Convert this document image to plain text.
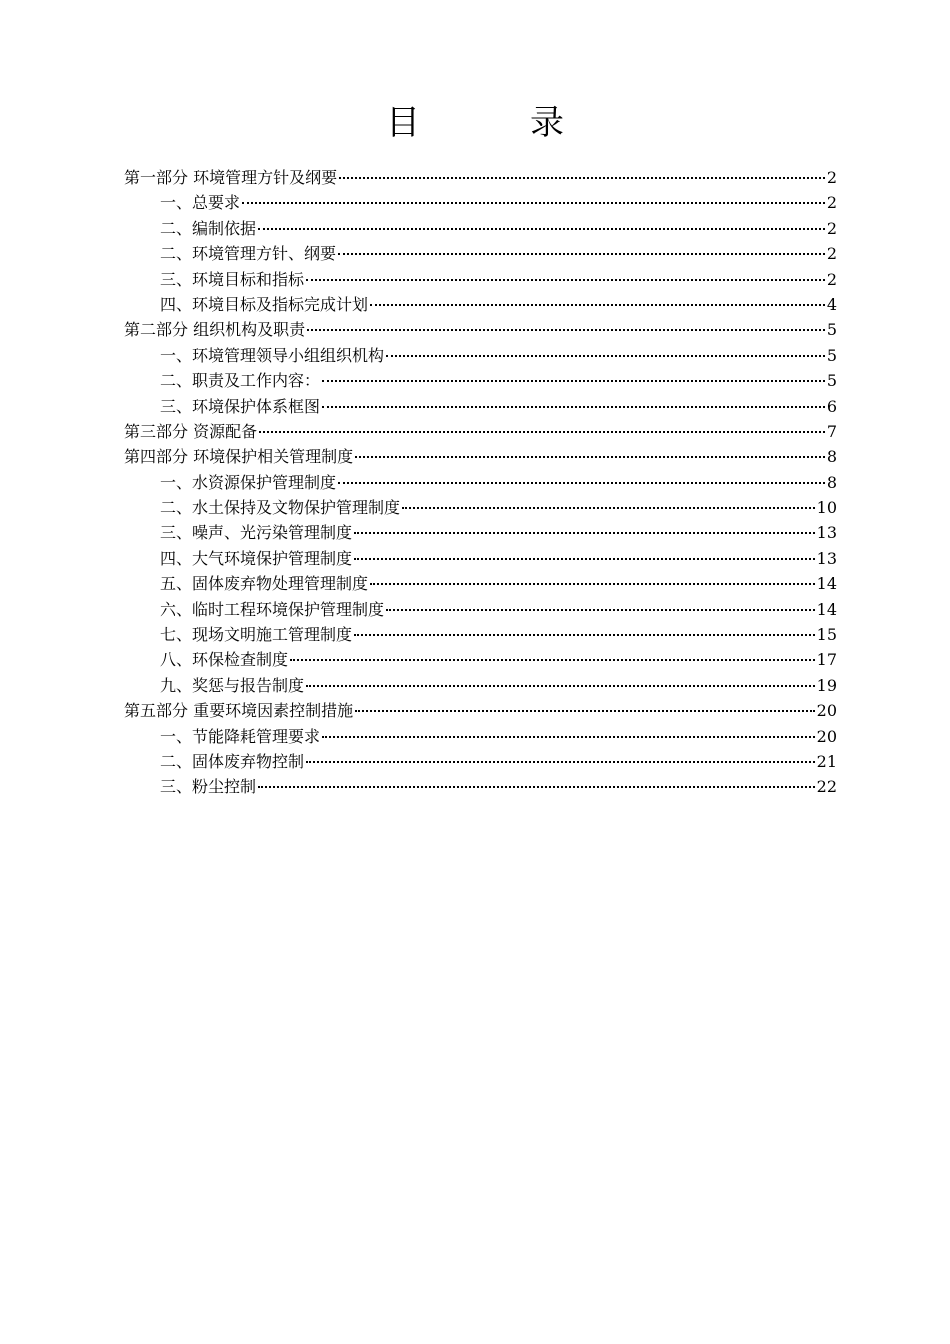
目　录
第一部分 环境管理方针及纲要	2
一、总要求	2
二、编制依据	2
二、环境管理方针、纲要	2
三、环境目标和指标	2
四、环境目标及指标完成计划	4
第二部分 组织机构及职责	5
一、环境管理领导小组组织机构	5
二、职责及工作内容：	5
三、环境保护体系框图	6
第三部分 资源配备	7
第四部分 环境保护相关管理制度	8
一、水资源保护管理制度	8
二、水土保持及文物保护管理制度	10
三、噪声、光污染管理制度	13
四、大气环境保护管理制度	13
五、固体废弃物处理管理制度	14
六、临时工程环境保护管理制度	14
七、现场文明施工管理制度	15
八、环保检查制度	17
九、奖惩与报告制度	19
第五部分 重要环境因素控制措施	20
一、节能降耗管理要求	20
二、固体废弃物控制	21
三、粉尘控制	22
